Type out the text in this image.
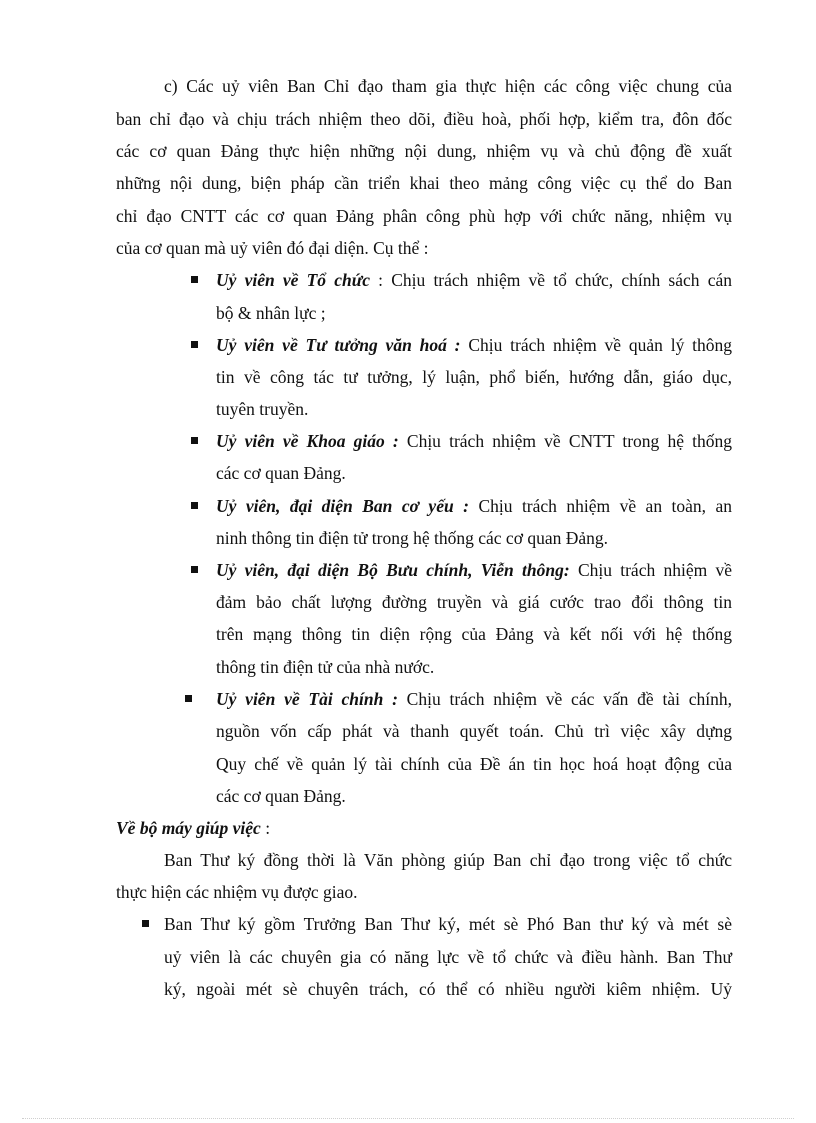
c) Các uỷ viên Ban Chỉ đạo tham gia thực hiện các công việc chung của
ban chỉ đạo và chịu trách nhiệm theo dõi, điều hoà, phối hợp, kiểm tra, đôn đốc
các cơ quan Đảng thực hiện những nội dung, nhiệm vụ và chủ động đề xuất
những nội dung, biện pháp cần triển khai theo mảng công việc cụ thể do Ban
chỉ đạo CNTT các cơ quan Đảng phân công phù hợp với chức năng, nhiệm vụ
của cơ quan mà uỷ viên đó đại diện. Cụ thể :
Uỷ viên về Tổ chức : Chịu trách nhiệm về tổ chức, chính sách cán
bộ & nhân lực ;
Uỷ viên về Tư tưởng văn hoá : Chịu trách nhiệm về quản lý thông
tin về công tác tư tưởng, lý luận, phổ biến, hướng dẫn, giáo dục,
tuyên truyền.
Uỷ viên về Khoa giáo : Chịu trách nhiệm về CNTT trong hệ thống
các cơ quan Đảng.
Uỷ viên, đại diện Ban cơ yếu : Chịu trách nhiệm về an toàn, an
ninh thông tin điện tử trong hệ thống các cơ quan Đảng.
Uỷ viên, đại diện Bộ Bưu chính, Viễn thông: Chịu trách nhiệm về
đảm bảo chất lượng đường truyền và giá cước trao đổi thông tin
trên mạng thông tin diện rộng của Đảng và kết nối với hệ thống
thông tin điện tử của nhà nước.
Uỷ viên về Tài chính : Chịu trách nhiệm về các vấn đề tài chính,
nguồn vốn cấp phát và thanh quyết toán. Chủ trì việc xây dựng
Quy chế về quản lý tài chính của Đề án tin học hoá hoạt động của
các cơ quan Đảng.
Về bộ máy giúp việc :
Ban Thư ký đồng thời là Văn phòng giúp Ban chỉ đạo trong việc tổ chức
thực hiện các nhiệm vụ được giao.
Ban Thư ký gồm Trưởng Ban Thư ký, mét sè Phó Ban thư ký và mét sè
uỷ viên là các chuyên gia có năng lực về tổ chức và điều hành. Ban Thư
ký, ngoài mét sè chuyên trách, có thể có nhiều người kiêm nhiệm. Uỷ
